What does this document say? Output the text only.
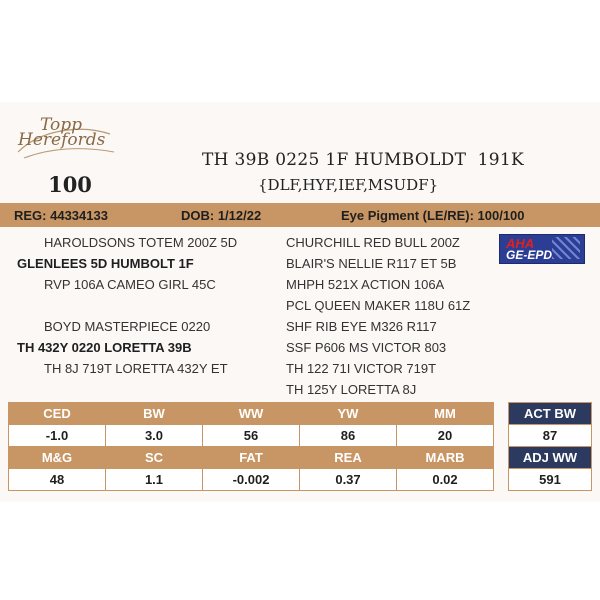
Topp
Herefords
100
TH 39B 0225 1F HUMBOLDT  191K
{DLF,HYF,IEF,MSUDF}
REG: 44334133	DOB: 1/12/22	Eye Pigment (LE/RE): 100/100
AHA
GE-EPD
HAROLDSONS TOTEM 200Z 5D
GLENLEES 5D HUMBOLT 1F
RVP 106A CAMEO GIRL 45C
BOYD MASTERPIECE 0220
TH 432Y 0220 LORETTA 39B
TH 8J 719T LORETTA 432Y ET
CHURCHILL RED BULL 200Z
BLAIR'S NELLIE R117 ET 5B
MHPH 521X ACTION 106A
PCL QUEEN MAKER 118U 61Z
SHF RIB EYE M326 R117
SSF P606 MS VICTOR 803
TH 122 71I VICTOR 719T
TH 125Y LORETTA 8J
CED	BW	WW	YW	MM
-1.0	3.0	56	86	20
M&G	SC	FAT	REA	MARB
48	1.1	-0.002	0.37	0.02
ACT BW
87
ADJ WW
591
